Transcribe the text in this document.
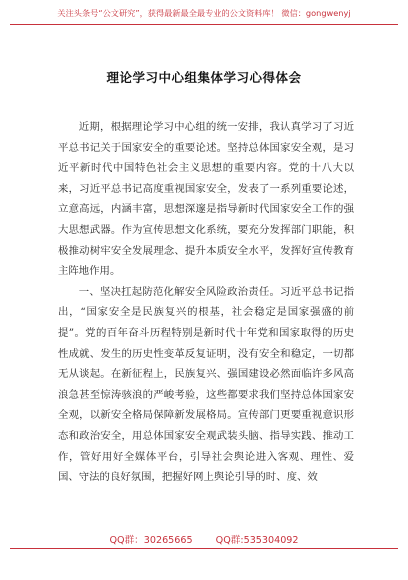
关注头条号“公文研究”，获得最新最全最专业的公文资料库！ 微信：gongwenyj
理论学习中心组集体学习心得体会

近期，根据理论学习中心组的统一安排，我认真学习了习近平总书记关于国家安全的重要论述。坚持总体国家安全观，是习近平新时代中国特色社会主义思想的重要内容。党的十八大以来，习近平总书记高度重视国家安全，发表了一系列重要论述，立意高远，内涵丰富，思想深邃是指导新时代国家安全工作的强大思想武器。作为宣传思想文化系统，要充分发挥部门职能，积极推动树牢安全发展理念、提升本质安全水平，发挥好宣传教育主阵地作用。

一、坚决扛起防范化解安全风险政治责任。习近平总书记指出，“国家安全是民族复兴的根基，社会稳定是国家强盛的前提”。党的百年奋斗历程特别是新时代十年党和国家取得的历史性成就、发生的历史性变革反复证明，没有安全和稳定，一切都无从谈起。在新征程上，民族复兴、强国建设必然面临许多风高浪急甚至惊涛骇浪的严峻考验，这些都要求我们坚持总体国家安全观，以新安全格局保障新发展格局。宣传部门更要重视意识形态和政治安全，用总体国家安全观武装头脑、指导实践、推动工作，管好用好全媒体平台，引导社会舆论进入客观、理性、爱国、守法的良好氛围，把握好网上舆论引导的时、度、效

QQ群：30265665 QQ群:535304092
